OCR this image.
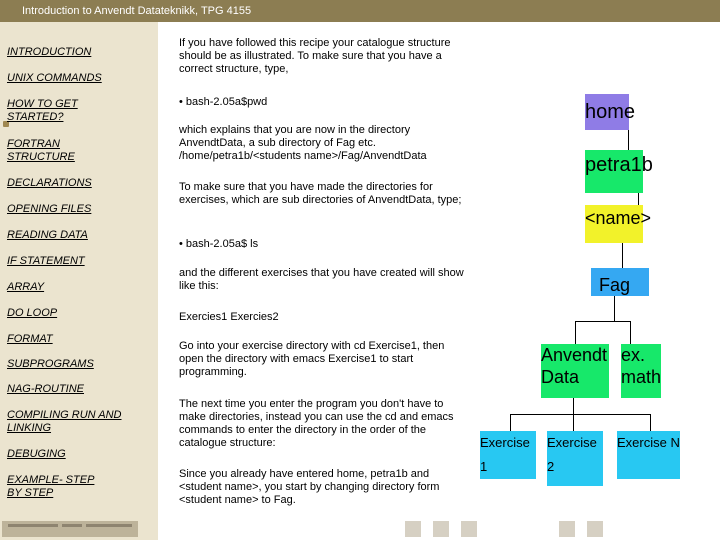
Introduction to Anvendt Datateknikk, TPG 4155
INTRODUCTION
UNIX COMMANDS
HOW TO GET STARTED?
FORTRAN STRUCTURE
DECLARATIONS
OPENING FILES
READING DATA
IF STATEMENT
ARRAY
DO LOOP
FORMAT
SUBPROGRAMS
NAG-ROUTINE
COMPILING RUN AND LINKING
DEBUGING
EXAMPLE- STEP BY STEP

If you have followed this recipe your catalogue structure should be as illustrated. To make sure that you have a correct structure, type,

• bash-2.05a$pwd

which explains that you are now in the directory AnvendtData, a sub directory of Fag etc. /home/petra1b/<students name>/Fag/AnvendtData

To make sure that you have made the directories for exercises, which are sub directories of AnvendtData, type;

• bash-2.05a$ ls

and the different exercises that you have created will show like this:

Exercies1 Exercies2

Go into your exercise directory with cd Exercise1, then open the directory with emacs Exercise1 to start programming.

The next time you enter the program you don't have to make directories, instead you can use the cd and emacs commands to enter the directory in the order of the catalogue structure:

Since you already have entered home, petra1b and <student name>, you start by changing directory form <student name> to Fag.

home
petra1b
<name>
Fag
Anvendt Data
ex. math
Exercise 1
Exercise 2
Exercise N
